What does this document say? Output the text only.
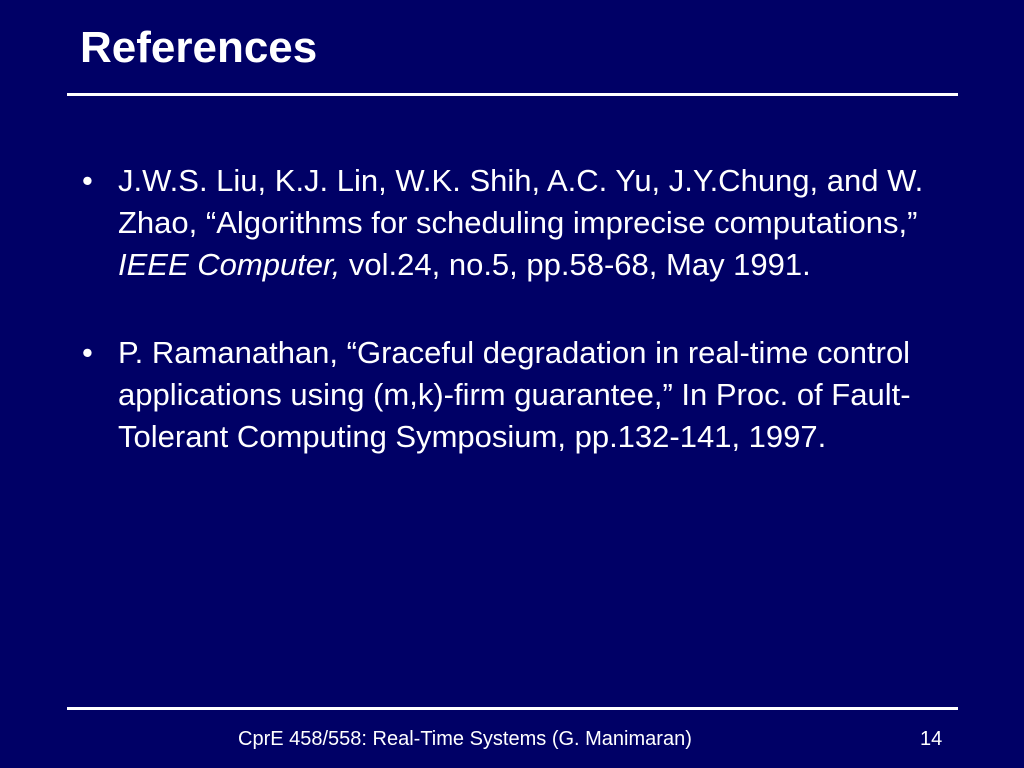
References
• J.W.S. Liu, K.J. Lin, W.K. Shih, A.C. Yu, J.Y.Chung, and W. Zhao, “Algorithms for scheduling imprecise computations,” IEEE Computer, vol.24, no.5, pp.58-68, May 1991.
• P. Ramanathan, “Graceful degradation in real-time control applications using (m,k)-firm guarantee,” In Proc. of Fault-Tolerant Computing Symposium, pp.132-141, 1997.
CprE 458/558: Real-Time Systems (G. Manimaran)	14
